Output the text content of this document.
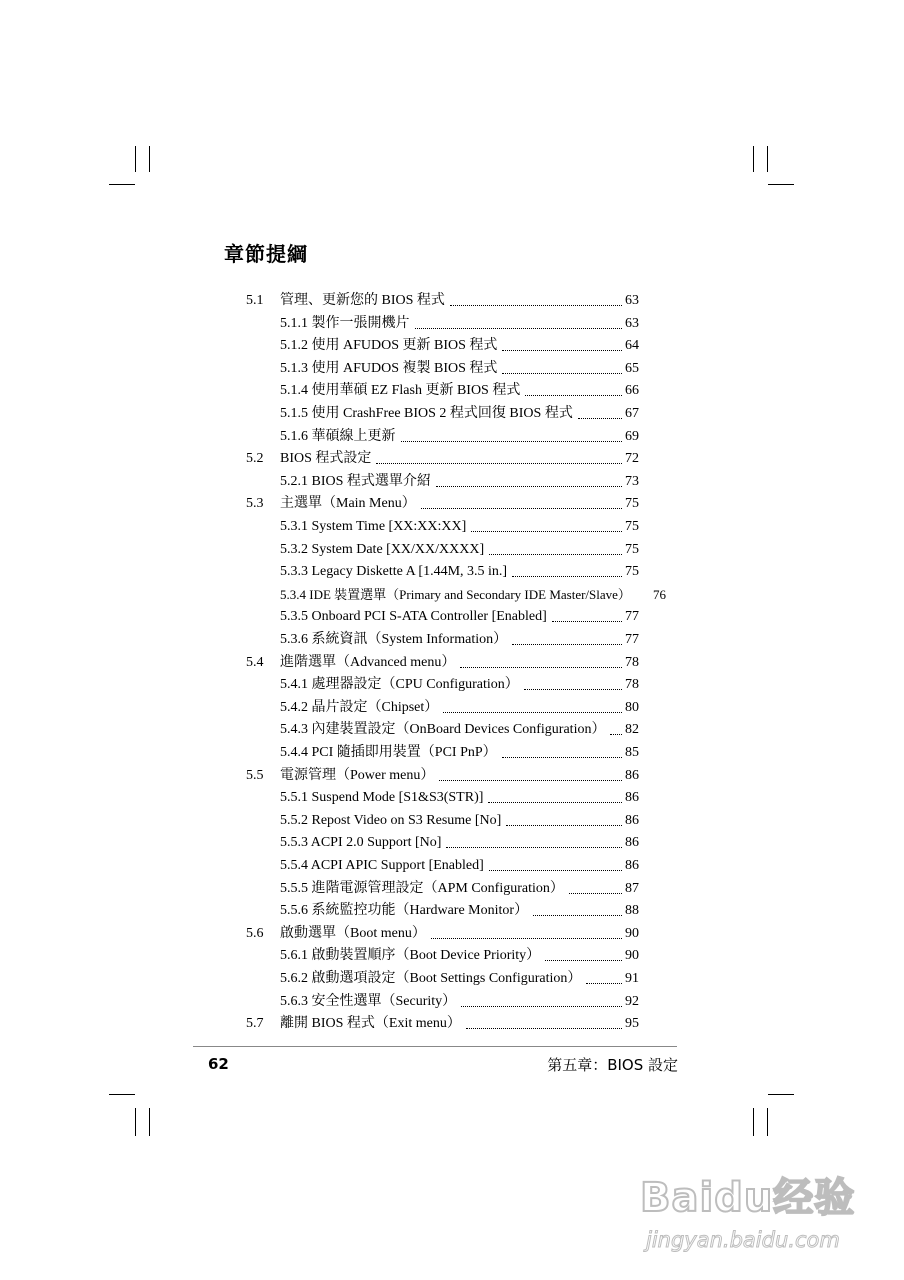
章節提綱
5.1	管理、更新您的 BIOS 程式	63
5.1.1 製作一張開機片	63
5.1.2 使用 AFUDOS 更新 BIOS 程式	64
5.1.3 使用 AFUDOS 複製 BIOS 程式	65
5.1.4 使用華碩 EZ Flash 更新 BIOS 程式	66
5.1.5 使用 CrashFree BIOS 2 程式回復 BIOS 程式	67
5.1.6 華碩線上更新	69
5.2	BIOS 程式設定	72
5.2.1 BIOS 程式選單介紹	73
5.3	主選單（Main Menu）	75
5.3.1 System Time [XX:XX:XX]	75
5.3.2 System Date [XX/XX/XXXX]	75
5.3.3 Legacy Diskette A [1.44M, 3.5 in.]	75
5.3.4 IDE 裝置選單（Primary and Secondary IDE Master/Slave） 76
5.3.5 Onboard PCI S-ATA Controller [Enabled]	77
5.3.6 系統資訊（System Information）	77
5.4	進階選單（Advanced menu）	78
5.4.1 處理器設定（CPU Configuration）	78
5.4.2 晶片設定（Chipset）	80
5.4.3 內建裝置設定（OnBoard Devices Configuration） 82
5.4.4 PCI 隨插即用裝置（PCI PnP）	85
5.5	電源管理（Power menu）	86
5.5.1 Suspend Mode [S1&S3(STR)]	86
5.5.2 Repost Video on S3 Resume [No]	86
5.5.3 ACPI 2.0 Support [No]	86
5.5.4 ACPI APIC Support [Enabled]	86
5.5.5 進階電源管理設定（APM Configuration）	87
5.5.6 系統監控功能（Hardware Monitor）	88
5.6	啟動選單（Boot menu）	90
5.6.1 啟動裝置順序（Boot Device Priority）	90
5.6.2 啟動選項設定（Boot Settings Configuration）	91
5.6.3 安全性選單（Security）	92
5.7	離開 BIOS 程式（Exit menu）	95
62	第五章：BIOS 設定
Baidu经验
jingyan.baidu.com
